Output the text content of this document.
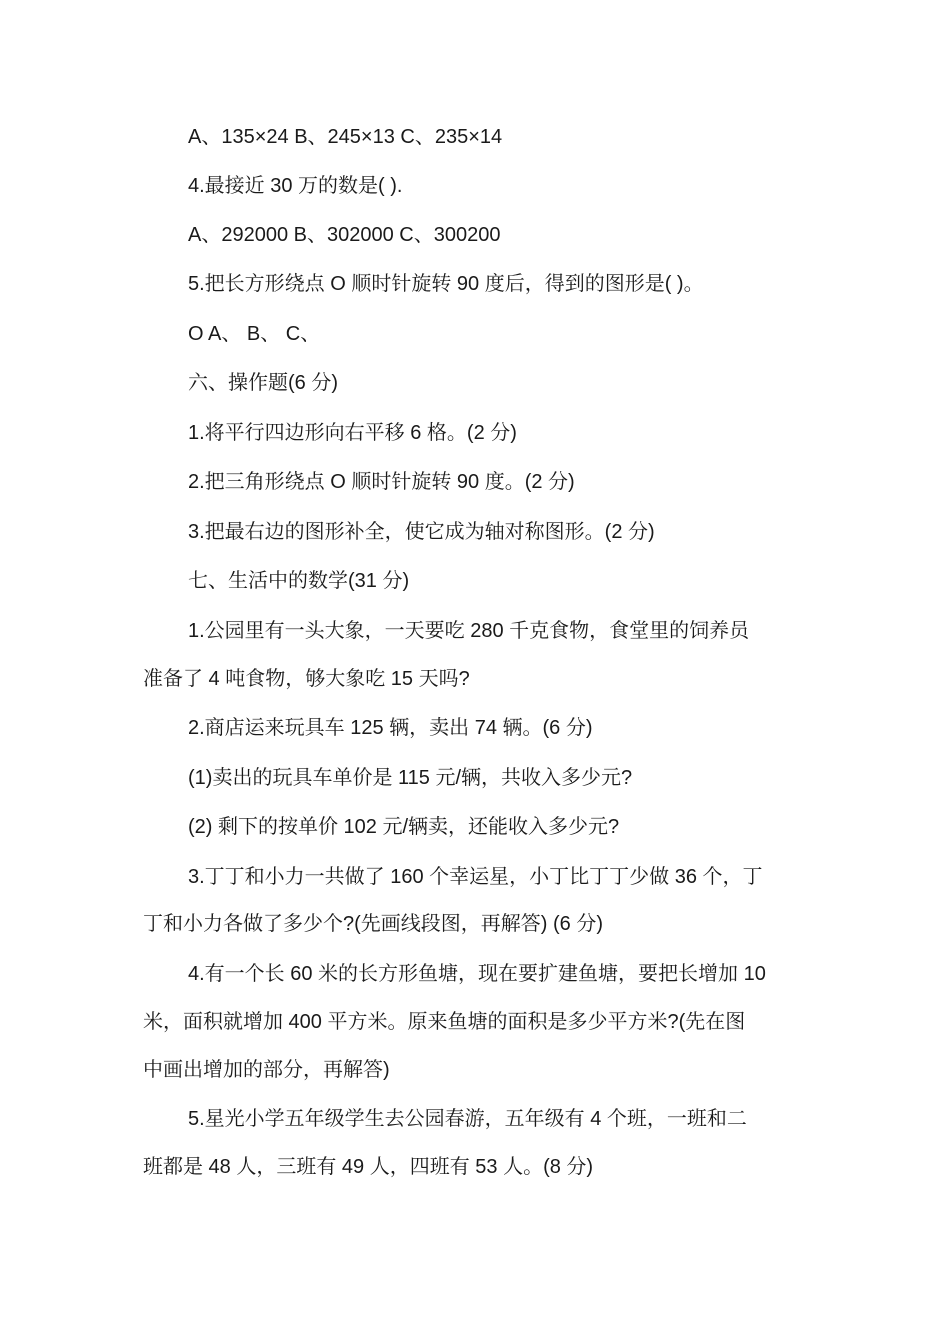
A、135×24 B、245×13 C、235×14
4.最接近 30 万的数是( ).
A、292000 B、302000 C、300200
5.把长方形绕点 O 顺时针旋转 90 度后，得到的图形是( )。
O A、 B、 C、
六、操作题(6 分)
1.将平行四边形向右平移 6 格。(2 分)
2.把三角形绕点 O 顺时针旋转 90 度。(2 分)
3.把最右边的图形补全，使它成为轴对称图形。(2 分)
七、生活中的数学(31 分)
1.公园里有一头大象，一天要吃 280 千克食物，食堂里的饲养员
准备了 4 吨食物，够大象吃 15 天吗?
2.商店运来玩具车 125 辆，卖出 74 辆。(6 分)
(1)卖出的玩具车单价是 115 元/辆，共收入多少元?
(2) 剩下的按单价 102 元/辆卖，还能收入多少元?
3.丁丁和小力一共做了 160 个幸运星，小丁比丁丁少做 36 个，丁
丁和小力各做了多少个?(先画线段图，再解答) (6 分)
4.有一个长 60 米的长方形鱼塘，现在要扩建鱼塘，要把长增加 10
米，面积就增加 400 平方米。原来鱼塘的面积是多少平方米?(先在图
中画出增加的部分，再解答)
5.星光小学五年级学生去公园春游，五年级有 4 个班，一班和二
班都是 48 人，三班有 49 人，四班有 53 人。(8 分)
